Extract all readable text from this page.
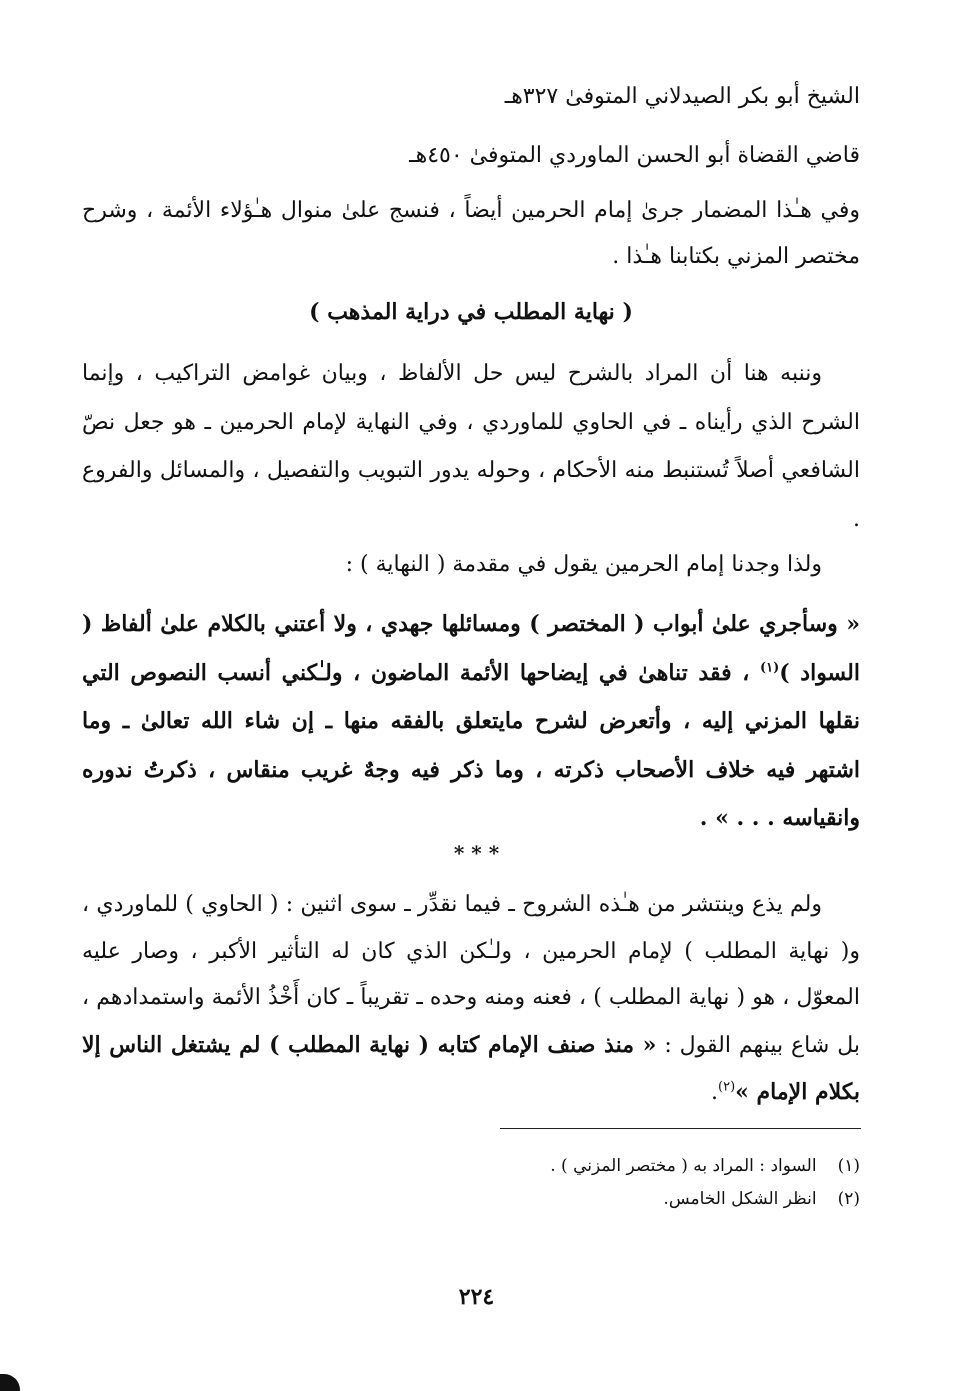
الشيخ أبو بكر الصيدلاني المتوفىٰ ٣٢٧هـ
قاضي القضاة أبو الحسن الماوردي المتوفىٰ ٤٥٠هـ
وفي هـٰذا المضمار جرىٰ إمام الحرمين أيضاً ، فنسج علىٰ منوال هـٰؤلاء الأئمة ، وشرح مختصر المزني بكتابنا هـٰذا .
( نهاية المطلب في دراية المذهب )
وننبه هنا أن المراد بالشرح ليس حل الألفاظ ، وبيان غوامض التراكيب ، وإنما الشرح الذي رأيناه ـ في الحاوي للماوردي ، وفي النهاية لإمام الحرمين ـ هو جعل نصّ الشافعي أصلاً تُستنبط منه الأحكام ، وحوله يدور التبويب والتفصيل ، والمسائل والفروع .
ولذا وجدنا إمام الحرمين يقول في مقدمة ( النهاية ) :
« وسأجري علىٰ أبواب ( المختصر ) ومسائلها جهدي ، ولا أعتني بالكلام علىٰ ألفاظ ( السواد )$^{(١)}$ ، فقد تناهىٰ في إيضاحها الأئمة الماضون ، ولـٰكني أنسب النصوص التي نقلها المزني إليه ، وأتعرض لشرح مايتعلق بالفقه منها ـ إن شاء الله تعالىٰ ـ وما اشتهر فيه خلاف الأصحاب ذكرته ، وما ذكر فيه وجهٌ غريب منقاس ، ذكرتُ ندوره وانقياسه . . . » .
* * *
ولم يذع وينتشر من هـٰذه الشروح ـ فيما نقدِّر ـ سوى اثنين : ( الحاوي ) للماوردي ، و( نهاية المطلب ) لإمام الحرمين ، ولـٰكن الذي كان له التأثير الأكبر ، وصار عليه المعوّل ، هو ( نهاية المطلب ) ، فعنه ومنه وحده ـ تقريباً ـ كان أَخْذُ الأئمة واستمدادهم ، بل شاع بينهم القول : « منذ صنف الإمام كتابه ( نهاية المطلب ) لم يشتغل الناس إلا بكلام الإمام »$^{(٢)}$.
(١) السواد : المراد به ( مختصر المزني ) .
(٢) انظر الشكل الخامس.
٢٢٤
